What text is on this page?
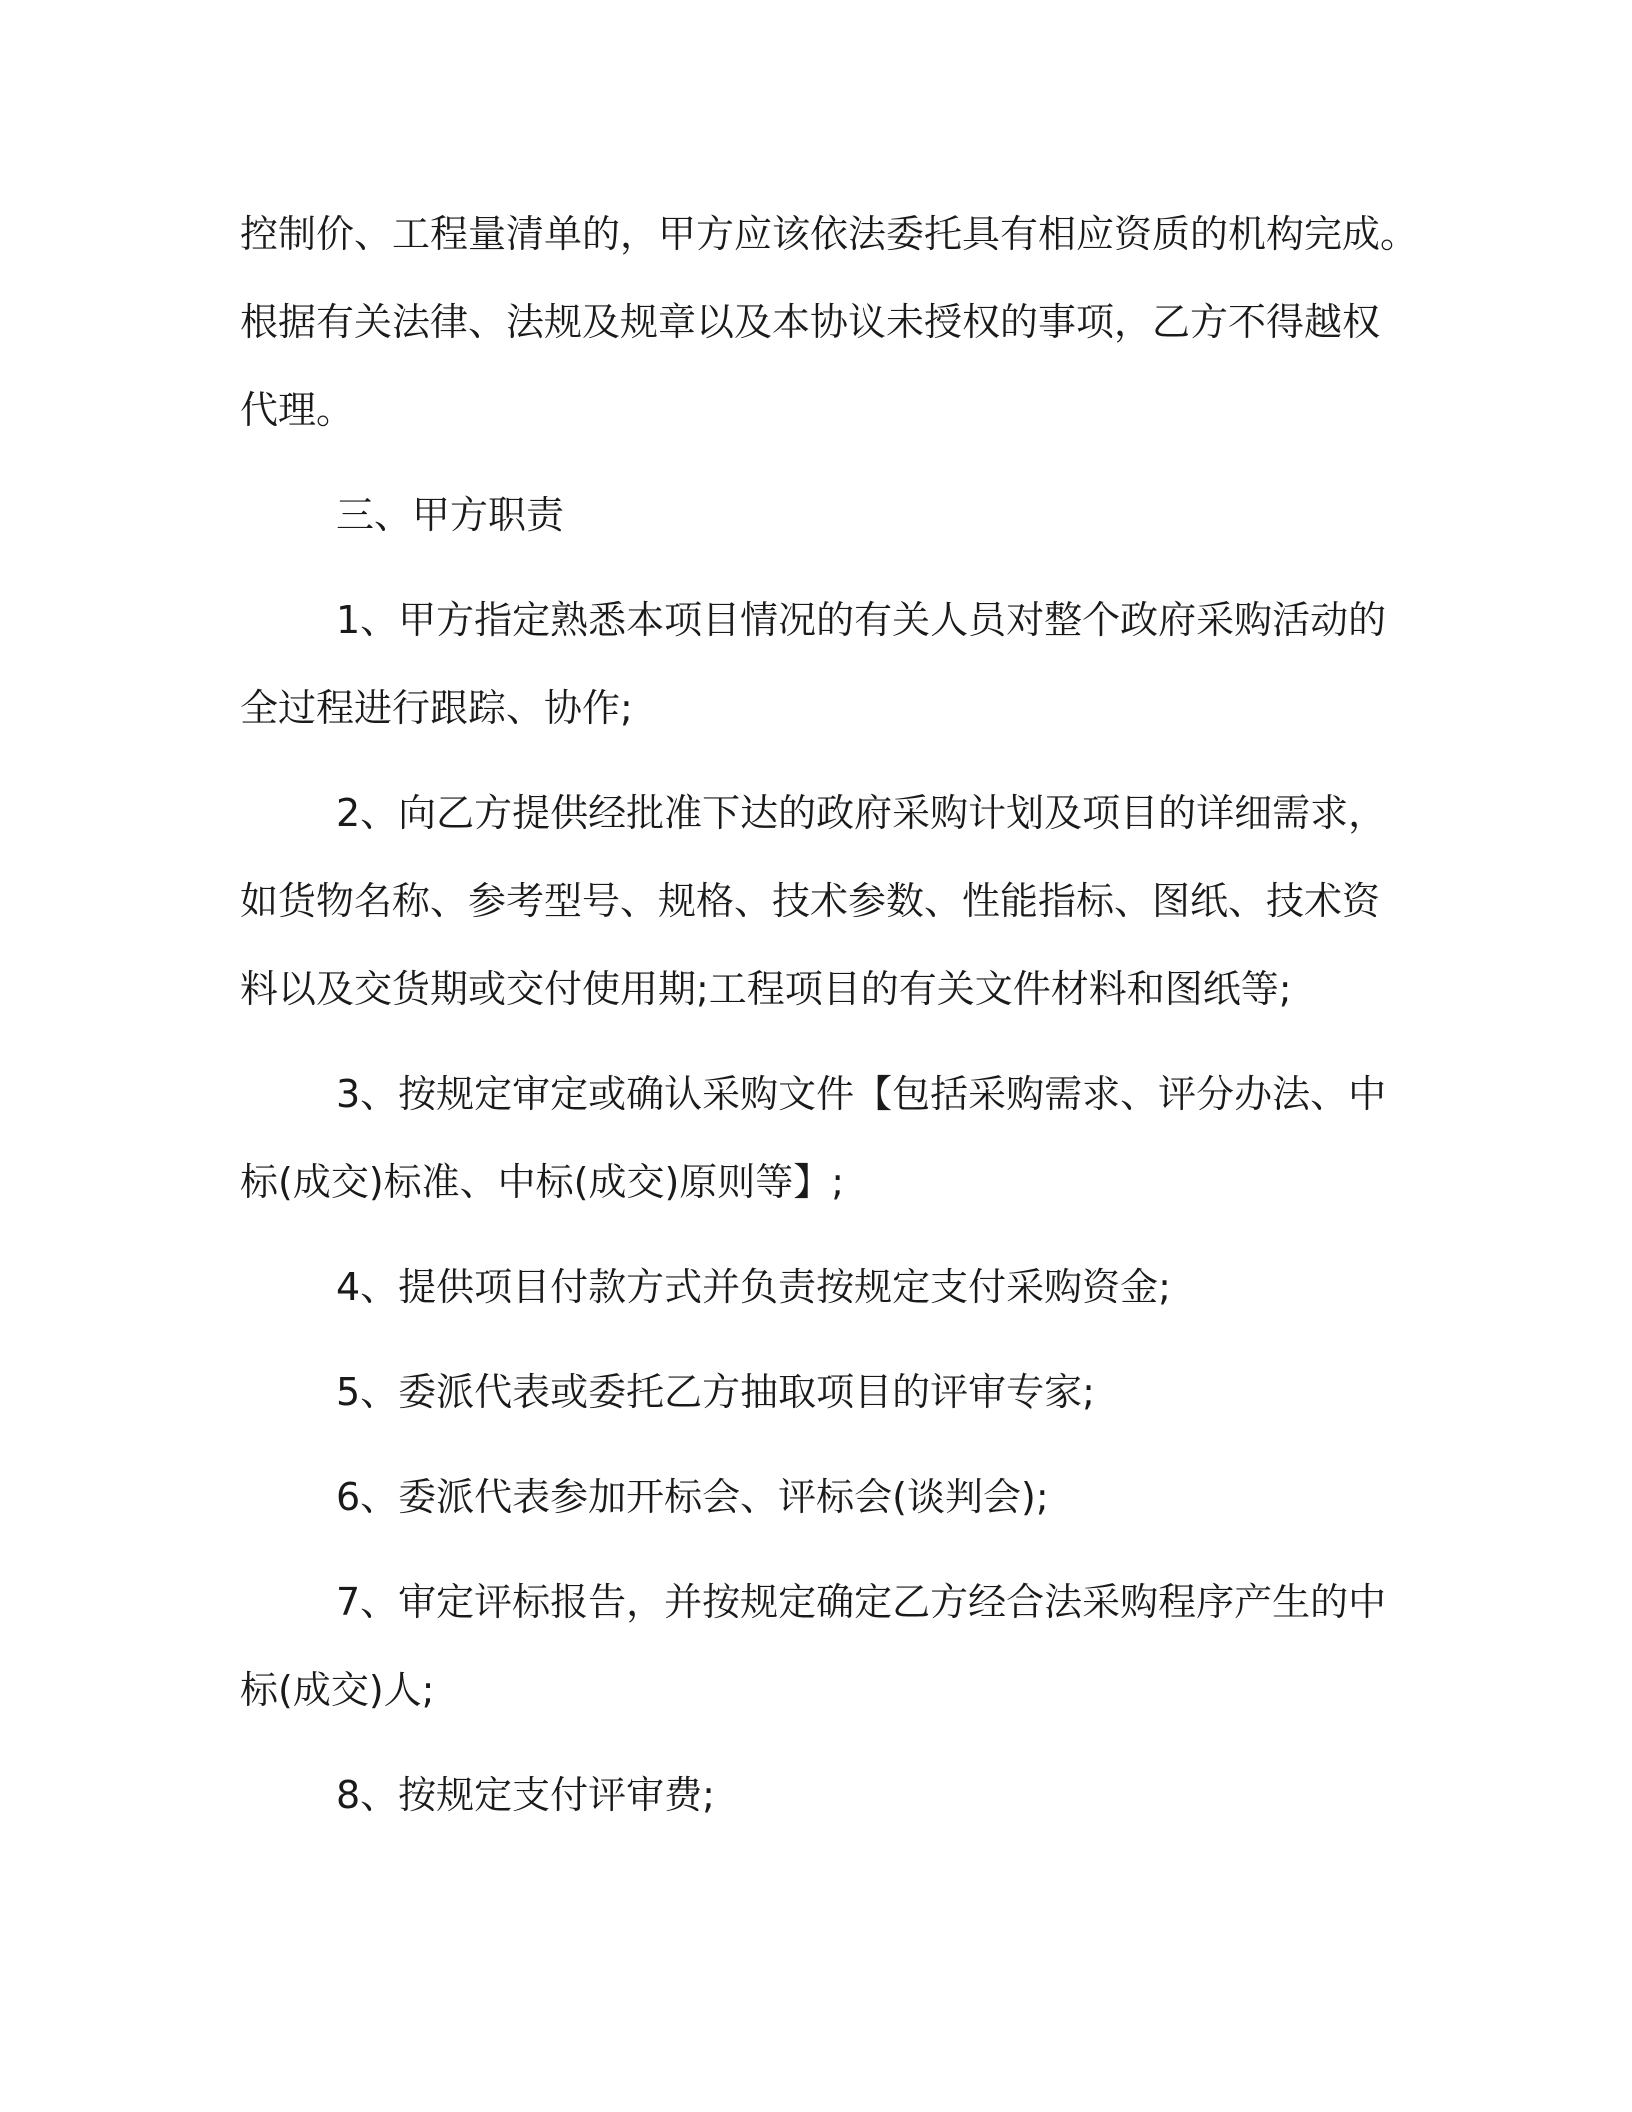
控制价、工程量清单的，甲方应该依法委托具有相应资质的机构完成。
根据有关法律、法规及规章以及本协议未授权的事项，乙方不得越权
代理。
三、甲方职责
1、甲方指定熟悉本项目情况的有关人员对整个政府采购活动的
全过程进行跟踪、协作;
2、向乙方提供经批准下达的政府采购计划及项目的详细需求，
如货物名称、参考型号、规格、技术参数、性能指标、图纸、技术资
料以及交货期或交付使用期;工程项目的有关文件材料和图纸等;
3、按规定审定或确认采购文件【包括采购需求、评分办法、中
标(成交)标准、中标(成交)原则等】;
4、提供项目付款方式并负责按规定支付采购资金;
5、委派代表或委托乙方抽取项目的评审专家;
6、委派代表参加开标会、评标会(谈判会);
7、审定评标报告，并按规定确定乙方经合法采购程序产生的中
标(成交)人;
8、按规定支付评审费;
